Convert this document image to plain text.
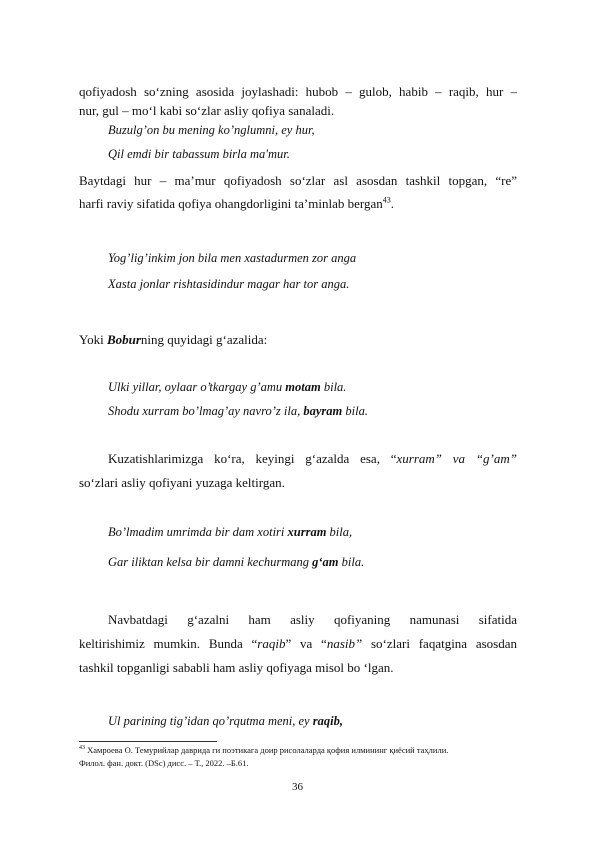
qofiyadosh so‘zning asosida joylashadi: hubob – gulob, habib – raqib, hur –

nur, gul – mo‘l kabi so‘zlar asliy qofiya sanaladi.

Buzulg’on bu mening ko’nglumni, ey hur,

Qil emdi bir tabassum birla ma'mur.

Baytdagi hur – ma’mur qofiyadosh so‘zlar asl asosdan tashkil topgan, “re”

harfi raviy sifatida qofiya ohangdorligini ta’minlab bergan$^{43}$.

Yog’lig’inkim jon bila men xastadurmen zor anga

Xasta jonlar rishtasidindur magar har tor anga.

Yoki Boburning quyidagi g‘azalida:

Ulki yillar, oylaar o’tkargay g’amu motam bila.

Shodu xurram bo’lmag’ay navro’z ila, bayram bila.

Kuzatishlarimizga ko‘ra, keyingi g‘azalda esa, “xurram” va “g’am”

so‘zlari asliy qofiyani yuzaga keltirgan.

Bo’lmadim umrimda bir dam xotiri xurram bila,

Gar iliktan kelsa bir damni kechurmang g‘am bila.

Navbatdagi g‘azalni ham asliy qofiyaning namunasi sifatida

keltirishimiz mumkin. Bunda “raqib” va “nasib” so‘zlari faqatgina asosdan

tashkil topganligi sababli ham asliy qofiyaga misol bo ‘lgan.

Ul parining tig’idan qo’rqutma meni, ey raqib,

$^{43}$ Хамроева О. Темурийлар даврида ги поэтикага доир рисолаларда қофия илмининг қиёсий таҳлили.

Филол. фан. докт. (DSc) дисс. – Т., 2022. –Б.61.

36
